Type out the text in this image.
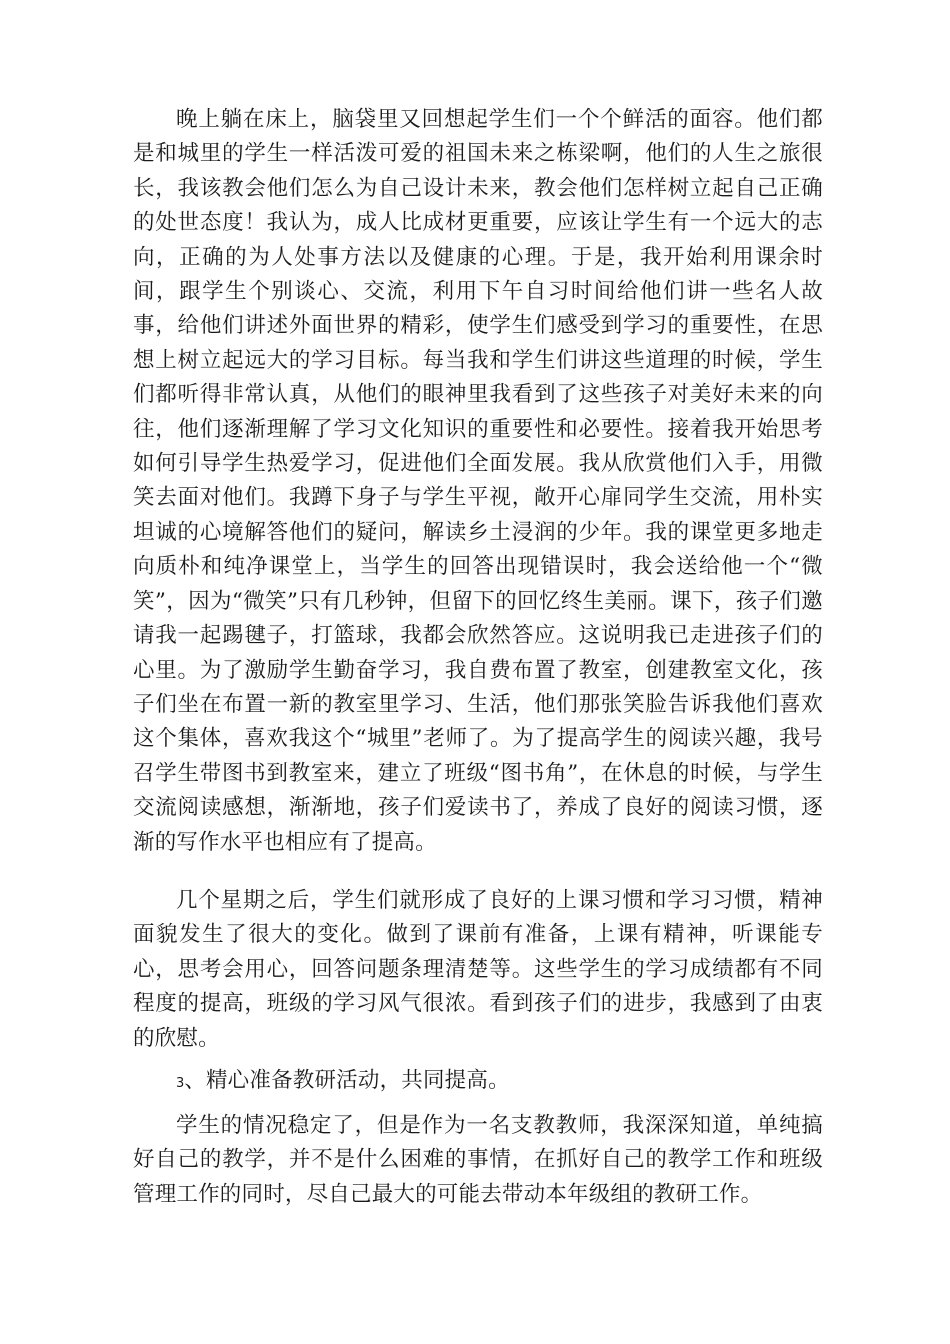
晚上躺在床上，脑袋里又回想起学生们一个个鲜活的面容。他们都是和城里的学生一样活泼可爱的祖国未来之栋梁啊，他们的人生之旅很长，我该教会他们怎么为自己设计未来，教会他们怎样树立起自己正确的处世态度！我认为，成人比成材更重要，应该让学生有一个远大的志向，正确的为人处事方法以及健康的心理。于是，我开始利用课余时间，跟学生个别谈心、交流，利用下午自习时间给他们讲一些名人故事，给他们讲述外面世界的精彩，使学生们感受到学习的重要性，在思想上树立起远大的学习目标。每当我和学生们讲这些道理的时候，学生们都听得非常认真，从他们的眼神里我看到了这些孩子对美好未来的向往，他们逐渐理解了学习文化知识的重要性和必要性。接着我开始思考如何引导学生热爱学习，促进他们全面发展。我从欣赏他们入手，用微笑去面对他们。我蹲下身子与学生平视，敞开心扉同学生交流，用朴实坦诚的心境解答他们的疑问，解读乡土浸润的少年。我的课堂更多地走向质朴和纯净课堂上，当学生的回答出现错误时，我会送给他一个“微笑”，因为“微笑”只有几秒钟，但留下的回忆终生美丽。课下，孩子们邀请我一起踢毽子，打篮球，我都会欣然答应。这说明我已走进孩子们的心里。为了激励学生勤奋学习，我自费布置了教室，创建教室文化，孩子们坐在布置一新的教室里学习、生活，他们那张笑脸告诉我他们喜欢这个集体，喜欢我这个“城里”老师了。为了提高学生的阅读兴趣，我号召学生带图书到教室来，建立了班级“图书角”，在休息的时候，与学生交流阅读感想，渐渐地，孩子们爱读书了，养成了良好的阅读习惯，逐渐的写作水平也相应有了提高。

几个星期之后，学生们就形成了良好的上课习惯和学习习惯，精神面貌发生了很大的变化。做到了课前有准备，上课有精神，听课能专心，思考会用心，回答问题条理清楚等。这些学生的学习成绩都有不同程度的提高，班级的学习风气很浓。看到孩子们的进步，我感到了由衷的欣慰。

3、精心准备教研活动，共同提高。

学生的情况稳定了，但是作为一名支教教师，我深深知道，单纯搞好自己的教学，并不是什么困难的事情，在抓好自己的教学工作和班级管理工作的同时，尽自己最大的可能去带动本年级组的教研工作。
